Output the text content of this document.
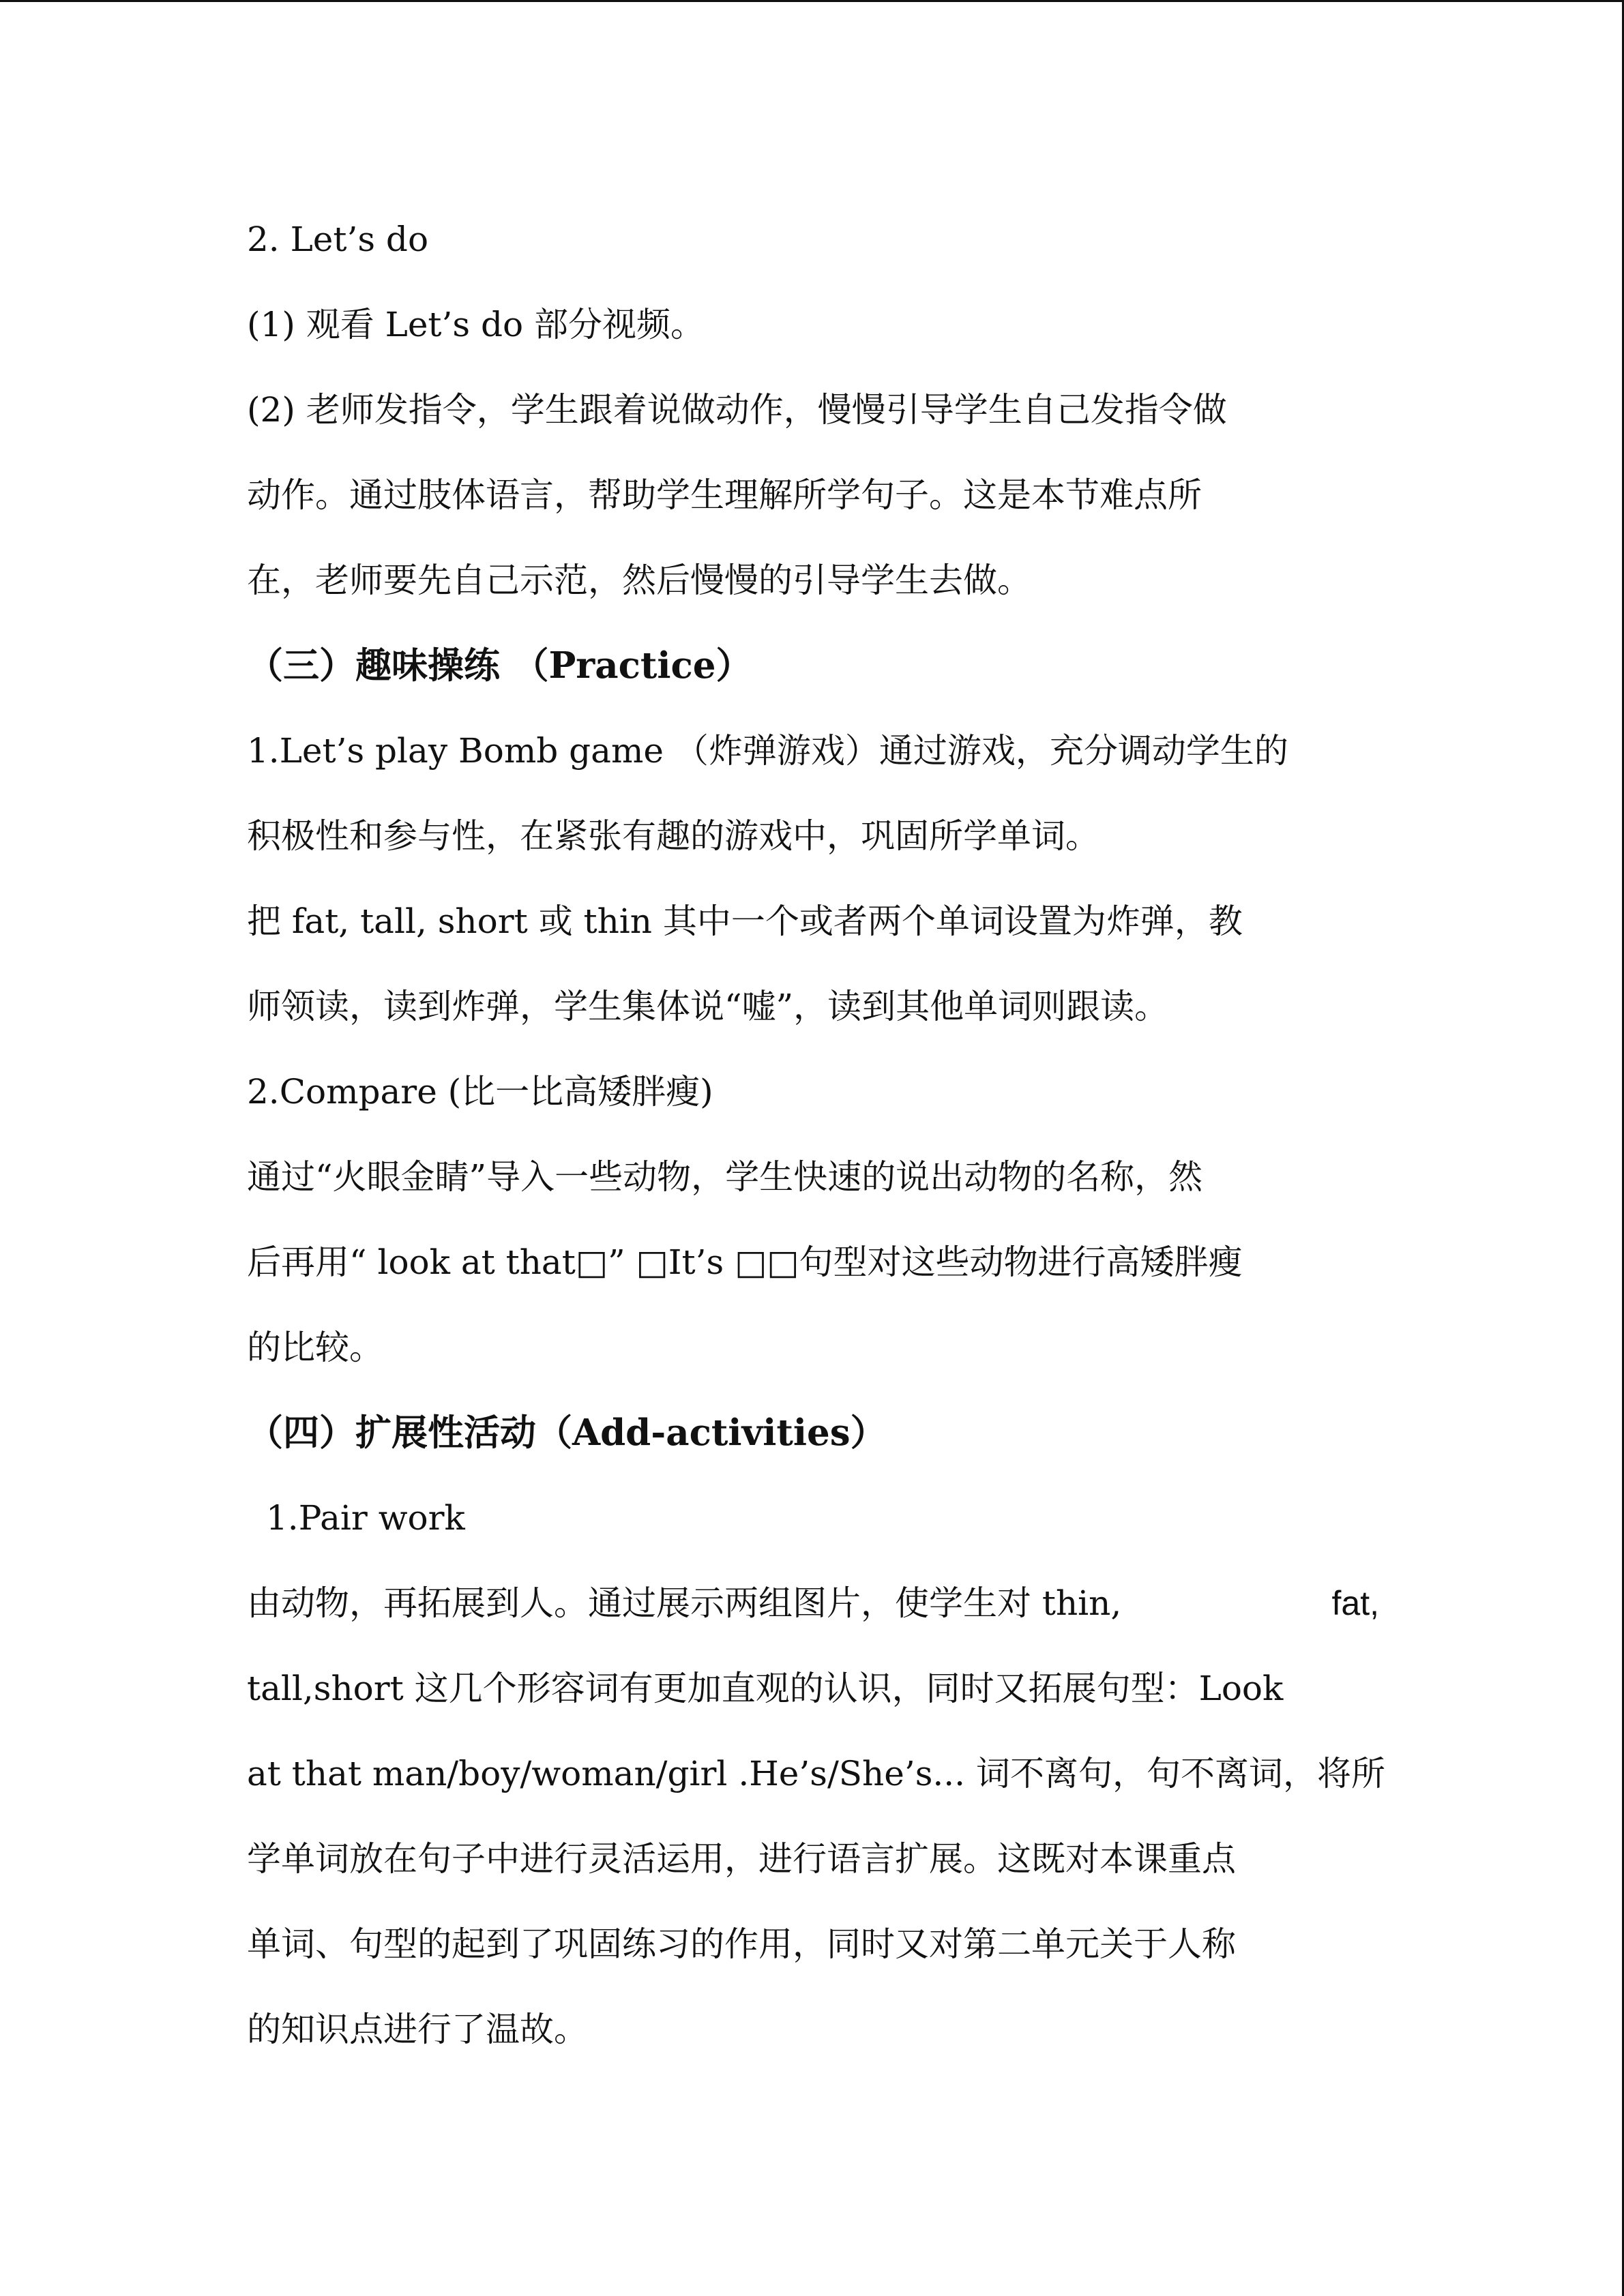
2. Let’s do
(1) 观看 Let’s do 部分视频。
(2) 老师发指令，学生跟着说做动作，慢慢引导学生自己发指令做
动作。通过肢体语言，帮助学生理解所学句子。这是本节难点所
在，老师要先自己示范，然后慢慢的引导学生去做。
（三）趣味操练 （Practice）
1.Let’s play Bomb game （炸弹游戏）通过游戏，充分调动学生的
积极性和参与性，在紧张有趣的游戏中，巩固所学单词。
把 fat, tall, short 或 thin 其中一个或者两个单词设置为炸弹，教
师领读，读到炸弹，学生集体说“嘘”，读到其他单词则跟读。
2.Compare (比一比高矮胖瘦)
通过“火眼金睛”导入一些动物，学生快速的说出动物的名称，然
后再用“ look at that□” □It’s □□句型对这些动物进行高矮胖瘦
的比较。
（四）扩展性活动（Add-activities）
1.Pair work
由动物，再拓展到人。通过展示两组图片，使学生对 thin,	fat,
tall,short 这几个形容词有更加直观的认识，同时又拓展句型：Look
at that man/boy/woman/girl .He’s/She’s... 词不离句，句不离词，将所
学单词放在句子中进行灵活运用，进行语言扩展。这既对本课重点
单词、句型的起到了巩固练习的作用，同时又对第二单元关于人称
的知识点进行了温故。
